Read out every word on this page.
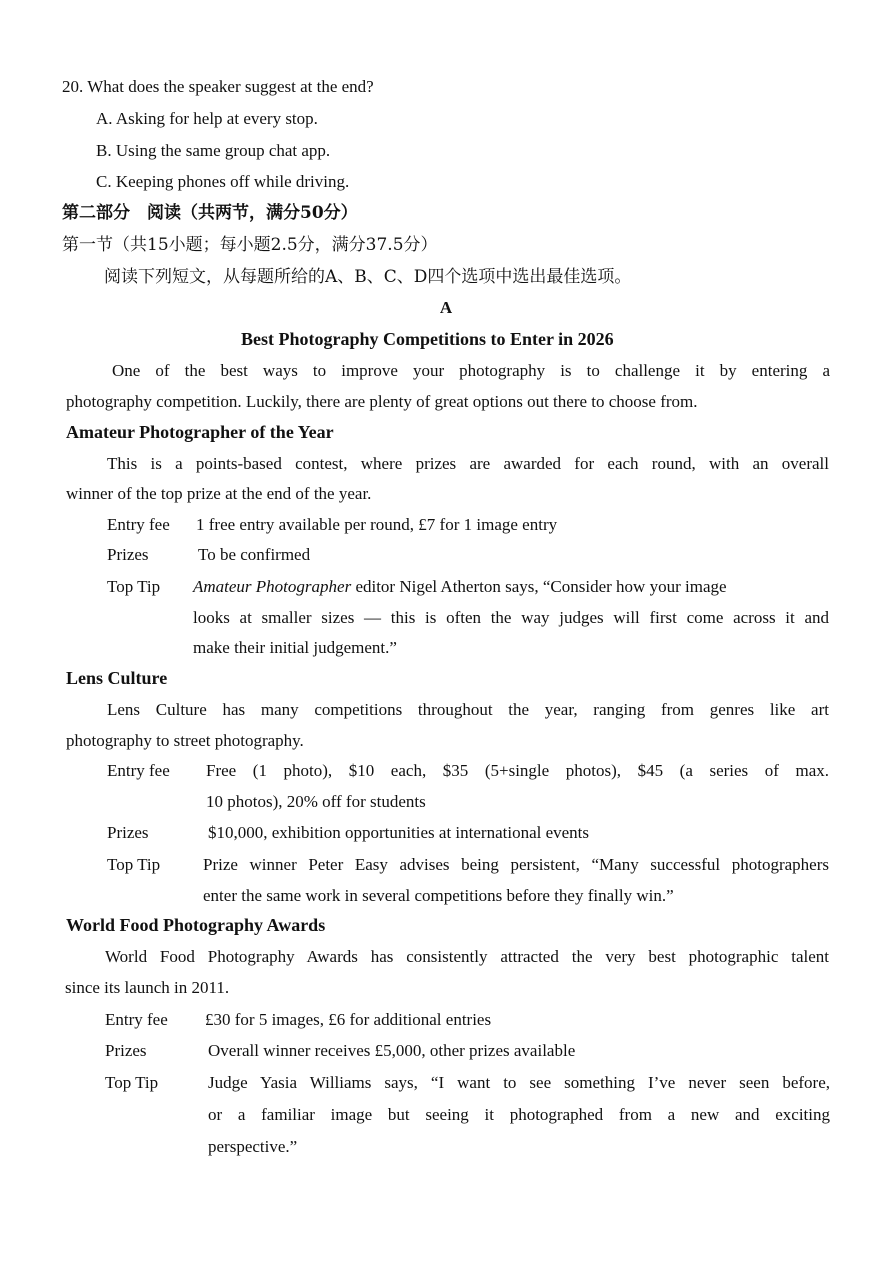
20. What does the speaker suggest at the end?
A. Asking for help at every stop.
B. Using the same group chat app.
C. Keeping phones off while driving.
第二部分　阅读（共两节，满分50分）
第一节（共15小题；每小题2.5分，满分37.5分）
阅读下列短文，从每题所给的A、B、C、D四个选项中选出最佳选项。
A
Best Photography Competitions to Enter in 2026
One of the best ways to improve your photography is to challenge it by entering a
photography competition. Luckily, there are plenty of great options out there to choose from.
Amateur Photographer of the Year
This is a points-based contest, where prizes are awarded for each round, with an overall
winner of the top prize at the end of the year.
Entry fee 1 free entry available per round, £7 for 1 image entry
Prizes	To be confirmed
Top Tip Amateur Photographer editor Nigel Atherton says, “Consider how your image
looks at smaller sizes — this is often the way judges will first come across it and
make their initial judgement.”
Lens Culture
Lens Culture has many competitions throughout the year, ranging from genres like art
photography to street photography.
Entry fee Free (1 photo), $10 each, $35 (5+single photos), $45 (a series of max.
10 photos), 20% off for students
Prizes	$10,000, exhibition opportunities at international events
Top Tip	Prize winner Peter Easy advises being persistent, “Many successful photographers
enter the same work in several competitions before they finally win.”
World Food Photography Awards
World Food Photography Awards has consistently attracted the very best photographic talent
since its launch in 2011.
Entry fee £30 for 5 images, £6 for additional entries
Prizes	Overall winner receives £5,000, other prizes available
Top Tip	Judge Yasia Williams says, “I want to see something I’ve never seen before,
or a familiar image but seeing it photographed from a new and exciting
perspective.”
